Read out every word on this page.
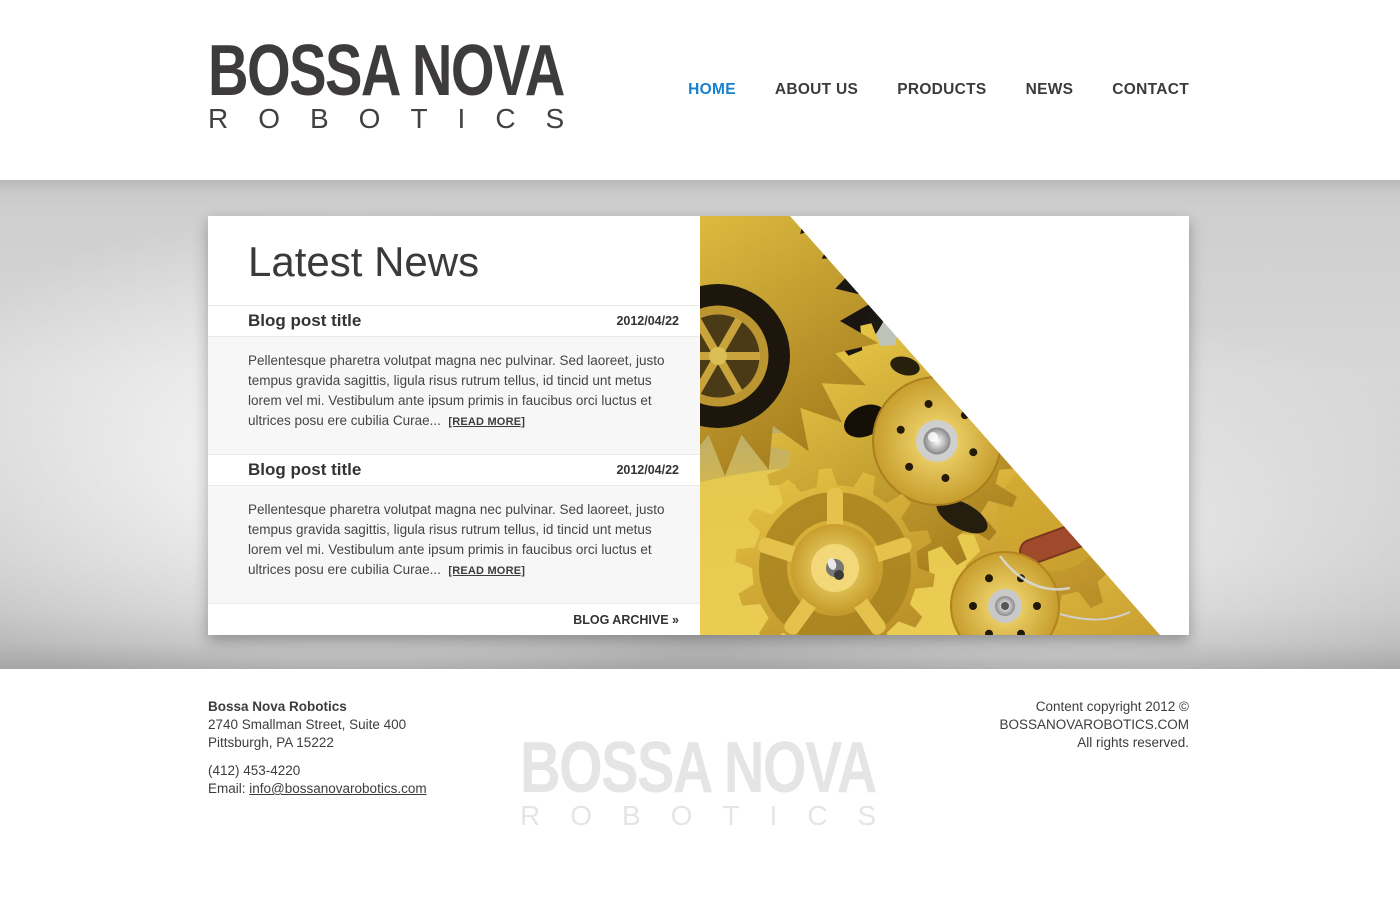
BOSSA NOVA
ROBOTICS
HOME	ABOUT US	PRODUCTS	NEWS	CONTACT
Latest News
Blog post title	2012/04/22

Pellentesque pharetra volutpat magna nec pulvinar. Sed laoreet, justo tempus gravida sagittis, ligula risus rutrum tellus, id tincid unt metus lorem vel mi. Vestibulum ante ipsum primis in faucibus orci luctus et ultrices posu ere cubilia Curae... [READ MORE]

Blog post title	2012/04/22

Pellentesque pharetra volutpat magna nec pulvinar. Sed laoreet, justo tempus gravida sagittis, ligula risus rutrum tellus, id tincid unt metus lorem vel mi. Vestibulum ante ipsum primis in faucibus orci luctus et ultrices posu ere cubilia Curae... [READ MORE]

BLOG ARCHIVE »
Bossa Nova Robotics
2740 Smallman Street, Suite 400
Pittsburgh, PA 15222
(412) 453-4220
Email: info@bossanovarobotics.com BOSSA NOVA
ROBOTICS
Content copyright 2012 ©
BOSSANOVAROBOTICS.COM
All rights reserved.
